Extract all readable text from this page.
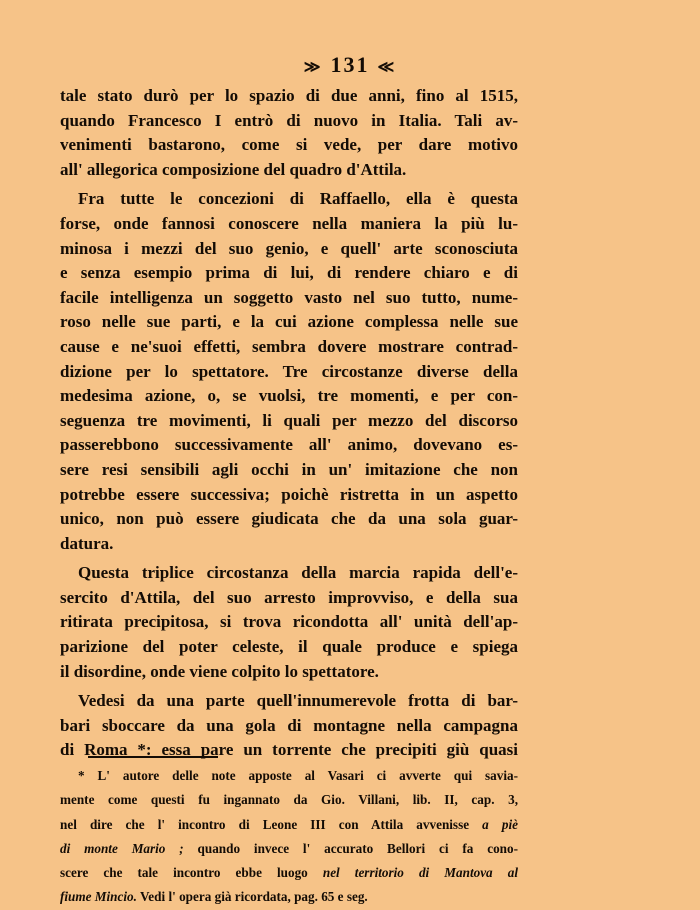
≫ 131 ≪

tale stato durò per lo spazio di due anni, fino al 1515,
quando Francesco I entrò di nuovo in Italia. Tali av-
venimenti bastarono, come si vede, per dare motivo
all' allegorica composizione del quadro d'Attila.

Fra tutte le concezioni di Raffaello, ella è questa
forse, onde fannosi conoscere nella maniera la più lu-
minosa i mezzi del suo genio, e quell' arte sconosciuta
e senza esempio prima di lui, di rendere chiaro e di
facile intelligenza un soggetto vasto nel suo tutto, nume-
roso nelle sue parti, e la cui azione complessa nelle sue
cause e ne'suoi effetti, sembra dovere mostrare contrad-
dizione per lo spettatore. Tre circostanze diverse della
medesima azione, o, se vuolsi, tre momenti, e per con-
seguenza tre movimenti, li quali per mezzo del discorso
passerebbono successivamente all' animo, dovevano es-
sere resi sensibili agli occhi in un' imitazione che non
potrebbe essere successiva; poichè ristretta in un aspetto
unico, non può essere giudicata che da una sola guar-
datura.

Questa triplice circostanza della marcia rapida dell'e-
sercito d'Attila, del suo arresto improvviso, e della sua
ritirata precipitosa, si trova ricondotta all' unità dell'ap-
parizione del poter celeste, il quale produce e spiega
il disordine, onde viene colpito lo spettatore.

Vedesi da una parte quell'innumerevole frotta di bar-
bari sboccare da una gola di montagne nella campagna
di Roma *: essa pare un torrente che precipiti giù quasi

* L' autore delle note apposte al Vasari ci avverte qui savia-
mente come questi fu ingannato da Gio. Villani, lib. II, cap. 3,
nel dire che l' incontro di Leone III con Attila avvenisse a piè
di monte Mario ; quando invece l' accurato Bellori ci fa cono-
scere che tale incontro ebbe luogo nel territorio di Mantova al
fiume Mincio. Vedi l' opera già ricordata, pag. 65 e seg.
